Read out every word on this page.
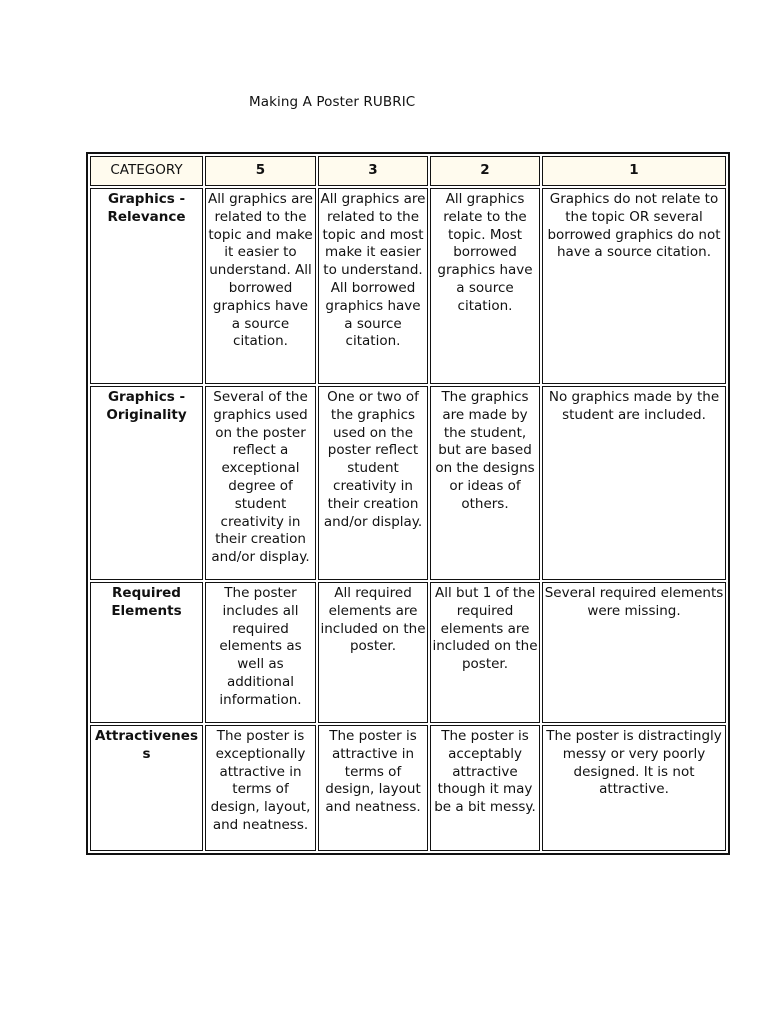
Making A Poster RUBRIC
CATEGORY	5	3	2	1
Graphics - Relevance	All graphics are related to the topic and make it easier to understand. All borrowed graphics have a source citation.	All graphics are related to the topic and most make it easier to understand. All borrowed graphics have a source citation.	All graphics relate to the topic. Most borrowed graphics have a source citation.	Graphics do not relate to the topic OR several borrowed graphics do not have a source citation.
Graphics - Originality	Several of the graphics used on the poster reflect a exceptional degree of student creativity in their creation and/or display.	One or two of the graphics used on the poster reflect student creativity in their creation and/or display.	The graphics are made by the student, but are based on the designs or ideas of others.	No graphics made by the student are included.
Required Elements	The poster includes all required elements as well as additional information.	All required elements are included on the poster.	All but 1 of the required elements are included on the poster.	Several required elements were missing.
Attractiveness	The poster is exceptionally attractive in terms of design, layout, and neatness.	The poster is attractive in terms of design, layout and neatness.	The poster is acceptably attractive though it may be a bit messy.	The poster is distractingly messy or very poorly designed. It is not attractive.
